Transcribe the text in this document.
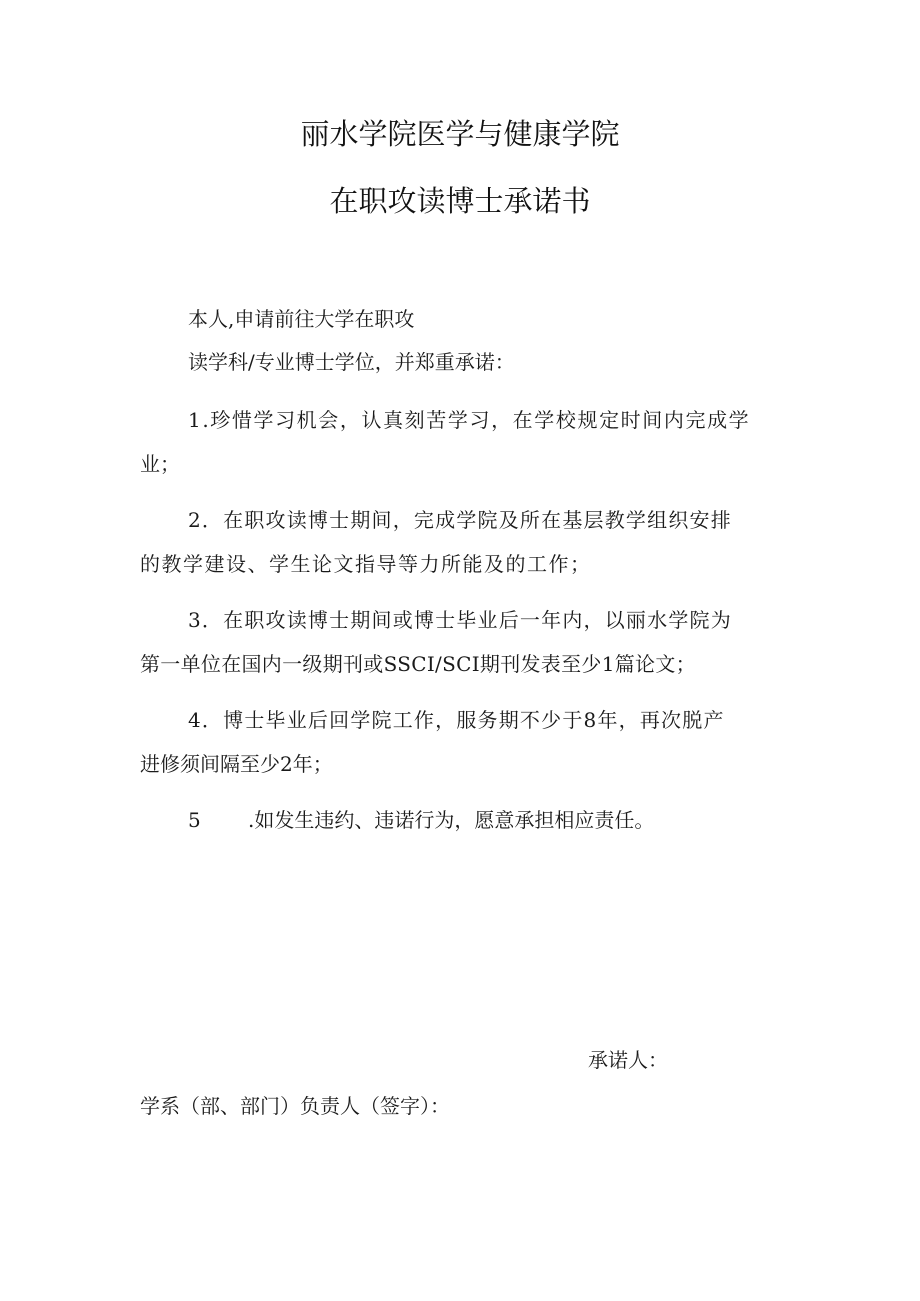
丽水学院医学与健康学院
在职攻读博士承诺书
本人,申请前往大学在职攻
读学科/专业博士学位，并郑重承诺：
1.珍惜学习机会，认真刻苦学习，在学校规定时间内完成学
业；
2．在职攻读博士期间，完成学院及所在基层教学组织安排
的教学建设、学生论文指导等力所能及的工作；
3．在职攻读博士期间或博士毕业后一年内，以丽水学院为
第一单位在国内一级期刊或SSCI/SCI期刊发表至少1篇论文；
4．博士毕业后回学院工作，服务期不少于8年，再次脱产
进修须间隔至少2年；
5 .如发生违约、违诺行为，愿意承担相应责任。
承诺人：
学系（部、部门）负责人（签字）：
